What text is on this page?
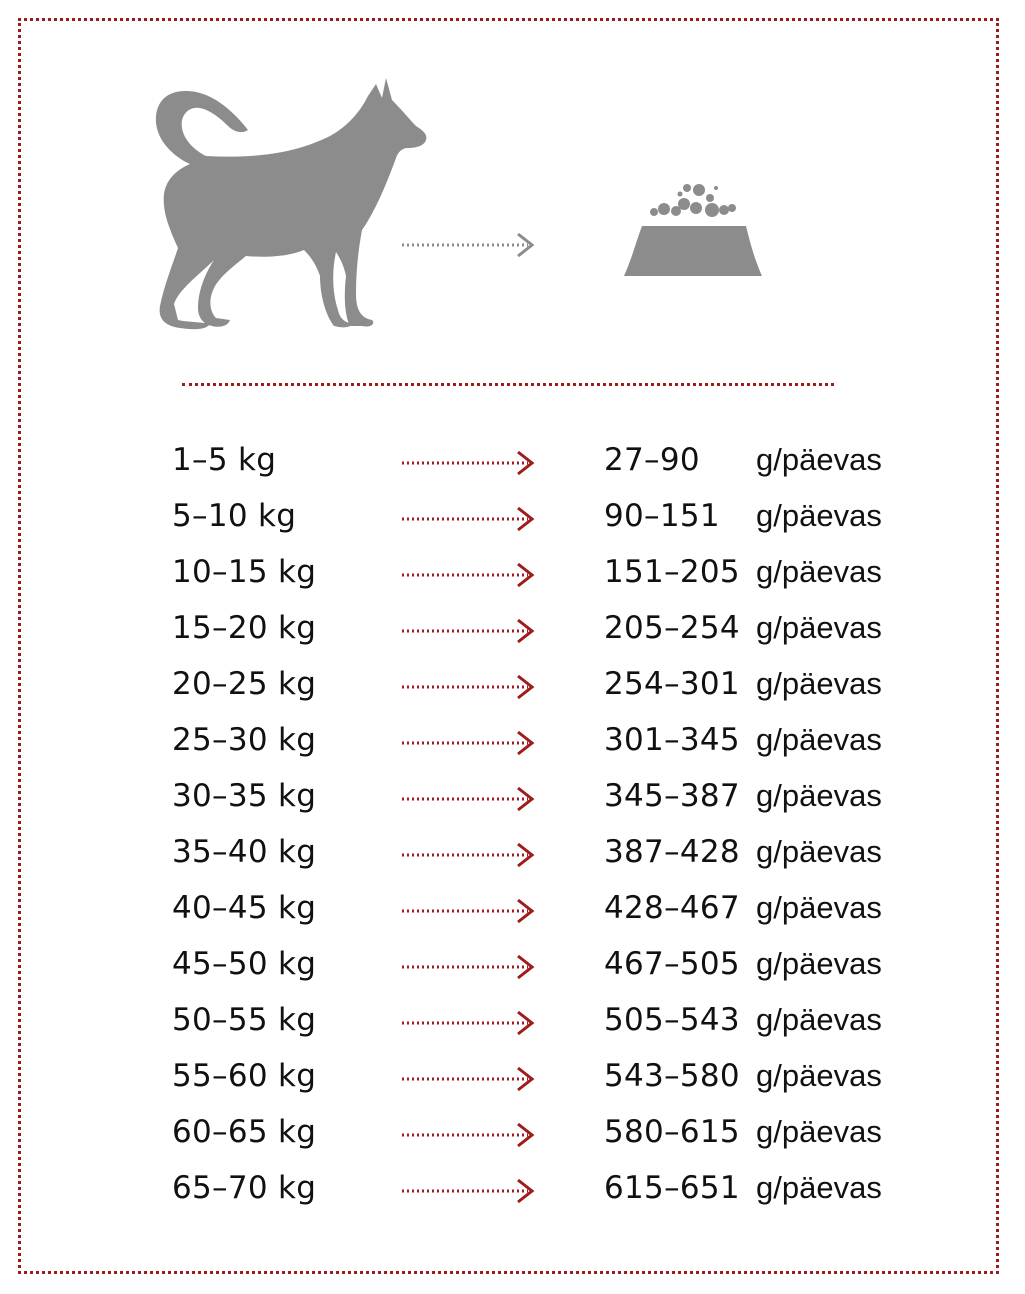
1–5 kg	27–90 g/päevas
5–10 kg	90–151 g/päevas
10–15 kg	151–205 g/päevas
15–20 kg	205–254 g/päevas
20–25 kg	254–301 g/päevas
25–30 kg	301–345 g/päevas
30–35 kg	345–387 g/päevas
35–40 kg	387–428 g/päevas
40–45 kg	428–467 g/päevas
45–50 kg	467–505 g/päevas
50–55 kg	505–543 g/päevas
55–60 kg	543–580 g/päevas
60–65 kg	580–615 g/päevas
65–70 kg	615–651 g/päevas
